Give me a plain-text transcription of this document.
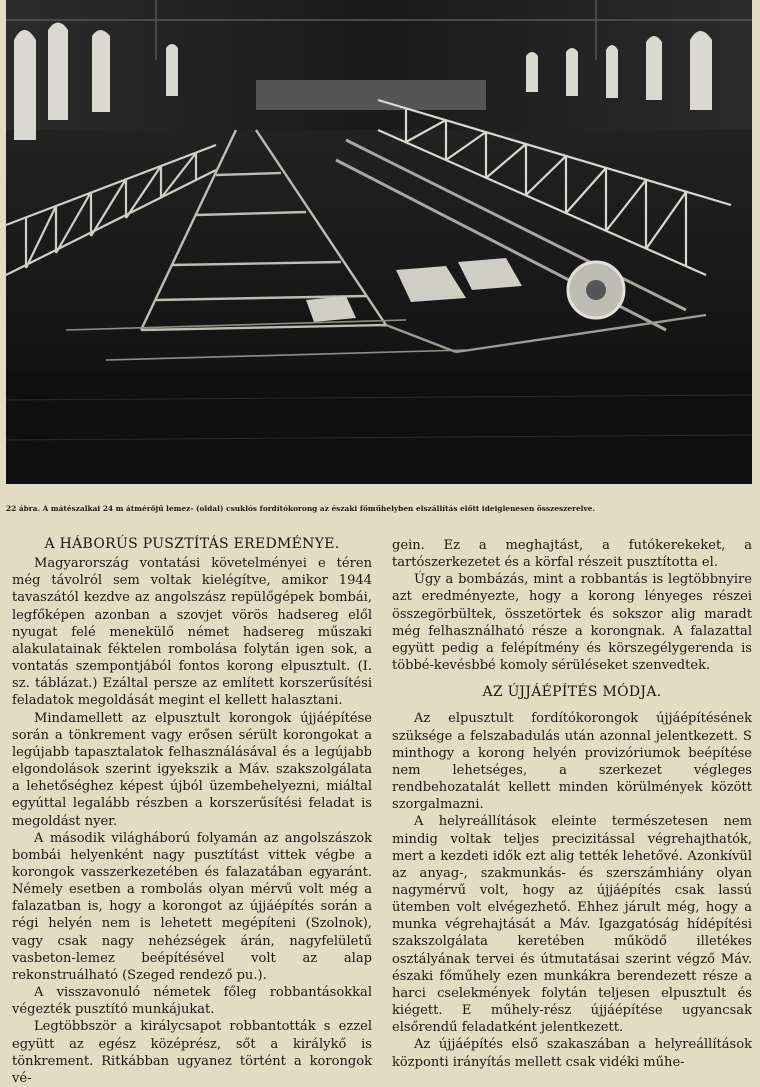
22 ábra. A mátészalkai 24 m átmérőjű lemez- (oldal) csuklós fordítókorong az északi főműhelyben elszállítás előtt ideiglenesen összeszerelve.
A HÁBORÚS PUSZTÍTÁS EREDMÉNYE.

Magyarország vontatási követelményei e téren még távolról sem voltak kielégítve, amikor 1944 tavaszától kezdve az angolszász repülőgépek bombái, legfőképen azonban a szovjet vörös hadsereg elől nyugat felé menekülő német hadsereg műszaki alakulatainak féktelen rombolása folytán igen sok, a vontatás szempontjából fontos korong elpusztult. (I. sz. táblázat.) Ezáltal persze az említett korszerűsítési feladatok megoldását megint el kellett halasztani.

Mindamellett az elpusztult korongok újjáépítése során a tönkrement vagy erősen sérült korongokat a legújabb tapasztalatok felhasználásával és a legújabb elgondolások szerint igyekszik a Máv. szakszolgálata a lehetőséghez képest újból üzembehelyezni, miáltal egyúttal legalább részben a korszerűsítési feladat is megoldást nyer.

A második világháború folyamán az angolszászok bombái helyenként nagy pusztítást vittek végbe a korongok vasszerkezetében és falazatában egyaránt. Némely esetben a rombolás olyan mérvű volt még a falazatban is, hogy a korongot az újjáépítés során a régi helyén nem is lehetett megépíteni (Szolnok), vagy csak nagy nehézségek árán, nagyfelületű vasbeton-lemez beépítésével volt az alap rekonstruálható (Szeged rendező pu.).

A visszavonuló németek főleg robbantásokkal végezték pusztító munkájukat.

Legtöbbször a királycsapot robbantották s ezzel együtt az egész középrész, sőt a királykő is tönkrement. Ritkábban ugyanez történt a korongok vé-

gein. Ez a meghajtást, a futókerekeket, a tartószerkezetet és a körfal részeit pusztította el.

Úgy a bombázás, mint a robbantás is legtöbbnyire azt eredményezte, hogy a korong lényeges részei összegörbültek, összetörtek és sokszor alig maradt még felhasználható része a korongnak. A falazattal együtt pedig a felépítmény és körszegélygerenda is többé-kevésbbé komoly sérüléseket szenvedtek.

AZ ÚJJÁÉPÍTÉS MÓDJA.

Az elpusztult fordítókorongok újjáépítésének szüksége a felszabadulás után azonnal jelentkezett. S minthogy a korong helyén provizóriumok beépítése nem lehetséges, a szerkezet végleges rendbehozatalát kellett minden körülmények között szorgalmazni.

A helyreállítások eleinte természetesen nem mindig voltak teljes precizitással végrehajthatók, mert a kezdeti idők ezt alig tették lehetővé. Azonkívül az anyag-, szakmunkás- és szerszámhiány olyan nagymérvű volt, hogy az újjáépítés csak lassú ütemben volt elvégezhető. Ehhez járult még, hogy a munka végrehajtását a Máv. Igazgatóság hídépítési szakszolgálata keretében működő illetékes osztályának tervei és útmutatásai szerint végző Máv. északi főműhely ezen munkákra berendezett része a harci cselekmények folytán teljesen elpusztult és kiégett. E műhely-rész újjáépítése ugyancsak elsőrendű feladatként jelentkezett.

Az újjáépítés első szakaszában a helyreállítások központi irányítás mellett csak vidéki műhe-
